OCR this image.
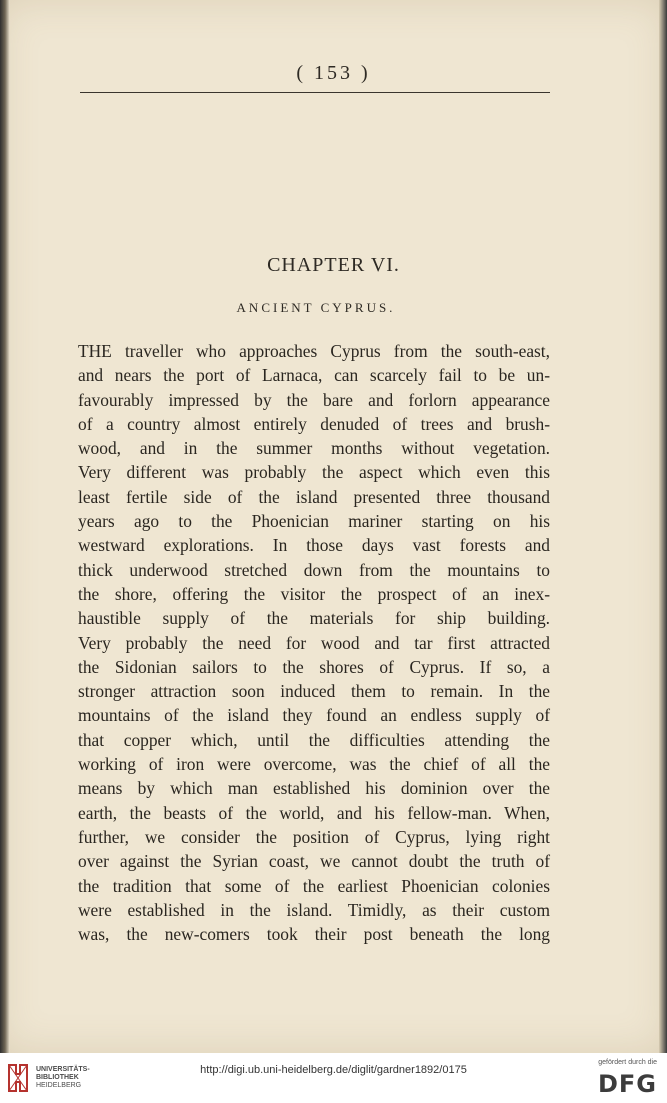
( 153 )
CHAPTER VI.
ANCIENT CYPRUS.
THE traveller who approaches Cyprus from the south-east,
and nears the port of Larnaca, can scarcely fail to be un-
favourably impressed by the bare and forlorn appearance
of a country almost entirely denuded of trees and brush-
wood, and in the summer months without vegetation.
Very different was probably the aspect which even this
least fertile side of the island presented three thousand
years ago to the Phoenician mariner starting on his
westward explorations. In those days vast forests and
thick underwood stretched down from the mountains to
the shore, offering the visitor the prospect of an inex-
haustible supply of the materials for ship building.
Very probably the need for wood and tar first attracted
the Sidonian sailors to the shores of Cyprus. If so, a
stronger attraction soon induced them to remain. In the
mountains of the island they found an endless supply of
that copper which, until the difficulties attending the
working of iron were overcome, was the chief of all the
means by which man established his dominion over the
earth, the beasts of the world, and his fellow-man. When,
further, we consider the position of Cyprus, lying right
over against the Syrian coast, we cannot doubt the truth of
the tradition that some of the earliest Phoenician colonies
were established in the island. Timidly, as their custom
was, the new-comers took their post beneath the long
UNIVERSITÄTS-
BIBLIOTHEK
HEIDELBERG
http://digi.ub.uni-heidelberg.de/diglit/gardner1892/0175
gefördert durch die
DFG
